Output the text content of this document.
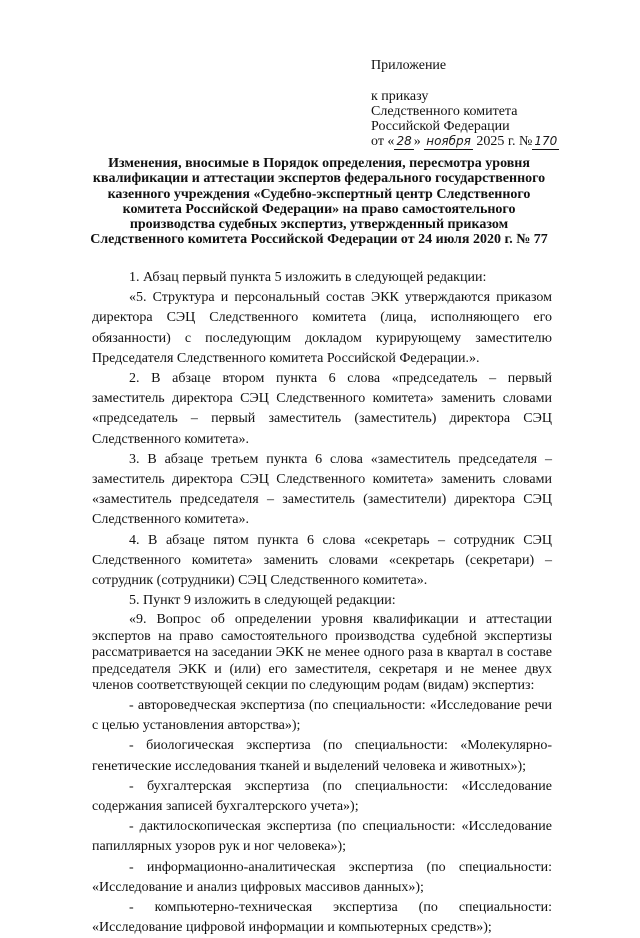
Приложение
к приказу
Следственного комитета
Российской Федерации
от « 28 » ноября 2025 г. № 170
Изменения, вносимые в Порядок определения, пересмотра уровня квалификации и аттестации экспертов федерального государственного казенного учреждения «Судебно-экспертный центр Следственного комитета Российской Федерации» на право самостоятельного производства судебных экспертиз, утвержденный приказом Следственного комитета Российской Федерации от 24 июля 2020 г. № 77

1. Абзац первый пункта 5 изложить в следующей редакции:

«5. Структура и персональный состав ЭКК утверждаются приказом директора СЭЦ Следственного комитета (лица, исполняющего его обязанности) с последующим докладом курирующему заместителю Председателя Следственного комитета Российской Федерации.».

2. В абзаце втором пункта 6 слова «председатель – первый заместитель директора СЭЦ Следственного комитета» заменить словами «председатель – первый заместитель (заместитель) директора СЭЦ Следственного комитета».

3. В абзаце третьем пункта 6 слова «заместитель председателя – заместитель директора СЭЦ Следственного комитета» заменить словами «заместитель председателя – заместитель (заместители) директора СЭЦ Следственного комитета».

4. В абзаце пятом пункта 6 слова «секретарь – сотрудник СЭЦ Следственного комитета» заменить словами «секретарь (секретари) – сотрудник (сотрудники) СЭЦ Следственного комитета».

5. Пункт 9 изложить в следующей редакции:

«9. Вопрос об определении уровня квалификации и аттестации экспертов на право самостоятельного производства судебной экспертизы рассматривается на заседании ЭКК не менее одного раза в квартал в составе председателя ЭКК и (или) его заместителя, секретаря и не менее двух членов соответствующей секции по следующим родам (видам) экспертиз:

- автороведческая экспертиза (по специальности: «Исследование речи с целью установления авторства»);

- биологическая экспертиза (по специальности: «Молекулярно-генетические исследования тканей и выделений человека и животных»);

- бухгалтерская экспертиза (по специальности: «Исследование содержания записей бухгалтерского учета»);

- дактилоскопическая экспертиза (по специальности: «Исследование папиллярных узоров рук и ног человека»);

- информационно-аналитическая экспертиза (по специальности: «Исследование и анализ цифровых массивов данных»);

- компьютерно-техническая экспертиза (по специальности: «Исследование цифровой информации и компьютерных средств»);
